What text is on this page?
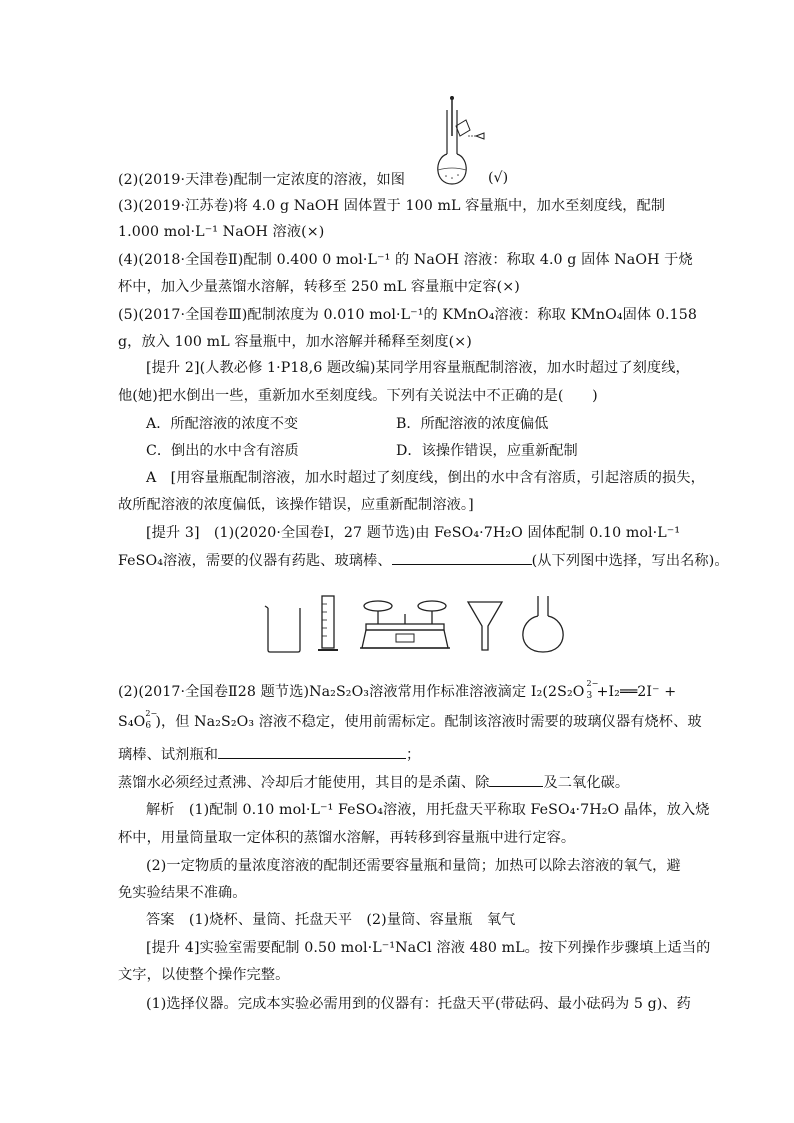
(2)(2019·天津卷)配制一定浓度的溶液，如图	(√)
(3)(2019·江苏卷)将 4.0 g NaOH 固体置于 100 mL 容量瓶中，加水至刻度线，配制
1.000 mol·L⁻¹ NaOH 溶液(×)
(4)(2018·全国卷Ⅱ)配制 0.400 0 mol·L⁻¹ 的 NaOH 溶液：称取 4.0 g 固体 NaOH 于烧
杯中，加入少量蒸馏水溶解，转移至 250 mL 容量瓶中定容(×)
(5)(2017·全国卷Ⅲ)配制浓度为 0.010 mol·L⁻¹的 KMnO₄溶液：称取 KMnO₄固体 0.158
g，放入 100 mL 容量瓶中，加水溶解并稀释至刻度(×)
[提升 2](人教必修 1·P18,6 题改编)某同学用容量瓶配制溶液，加水时超过了刻度线，
他(她)把水倒出一些，重新加水至刻度线。下列有关说法中不正确的是(　　)
A．所配溶液的浓度不变	B．所配溶液的浓度偏低
C．倒出的水中含有溶质	D．该操作错误，应重新配制
A　[用容量瓶配制溶液，加水时超过了刻度线，倒出的水中含有溶质，引起溶质的损失，
故所配溶液的浓度偏低，该操作错误，应重新配制溶液。]
[提升 3]　(1)(2020·全国卷Ⅰ，27 题节选)由 FeSO₄·7H₂O 固体配制 0.10 mol·L⁻¹
FeSO₄溶液，需要的仪器有药匙、玻璃棒、	(从下列图中选择，写出名称)。
(2)(2017·全国卷Ⅱ28 题节选)Na₂S₂O₃溶液常用作标准溶液滴定 I₂(2S₂O
2−
3 +I₂══2I⁻ +
S₄O
2−
6 )，但 Na₂S₂O₃ 溶液不稳定，使用前需标定。配制该溶液时需要的玻璃仪器有烧杯、玻
璃棒、试剂瓶和	；
蒸馏水必须经过煮沸、冷却后才能使用，其目的是杀菌、除	及二氧化碳。
解析　(1)配制 0.10 mol·L⁻¹ FeSO₄溶液，用托盘天平称取 FeSO₄·7H₂O 晶体，放入烧
杯中，用量筒量取一定体积的蒸馏水溶解，再转移到容量瓶中进行定容。
(2)一定物质的量浓度溶液的配制还需要容量瓶和量筒；加热可以除去溶液的氧气，避
免实验结果不准确。
答案　(1)烧杯、量筒、托盘天平　(2)量筒、容量瓶　氧气
[提升 4]实验室需要配制 0.50 mol·L⁻¹NaCl 溶液 480 mL。按下列操作步骤填上适当的
文字，以使整个操作完整。
(1)选择仪器。完成本实验必需用到的仪器有：托盘天平(带砝码、最小砝码为 5 g)、药
